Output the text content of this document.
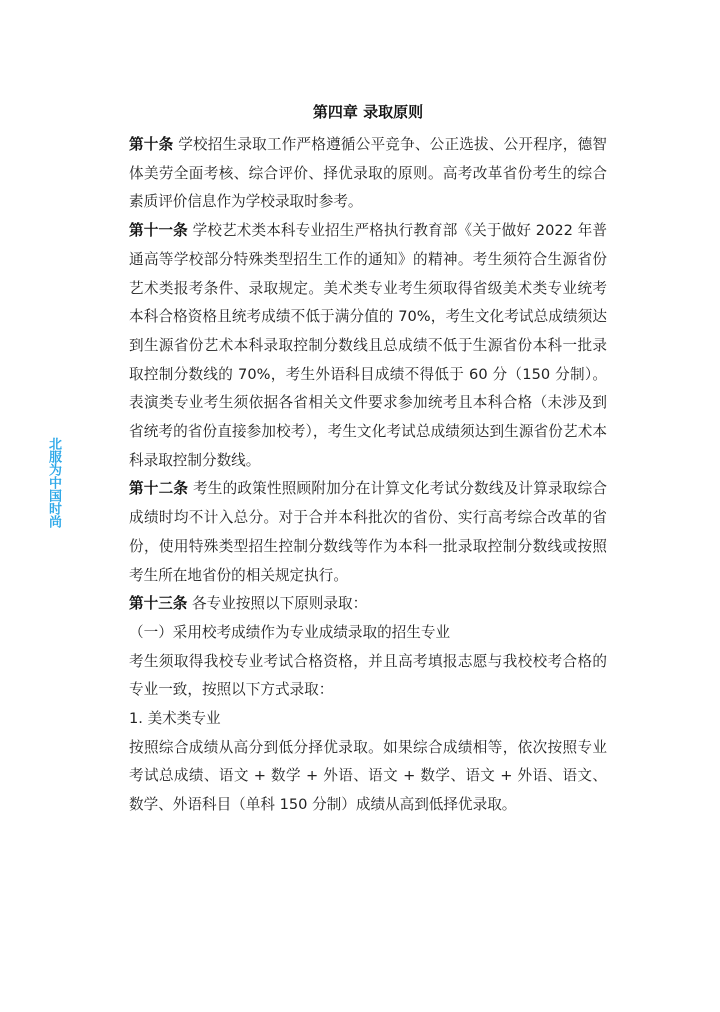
北服为中国时尚
第四章 录取原则

第十条 学校招生录取工作严格遵循公平竞争、公正选拔、公开程序，德智体美劳全面考核、综合评价、择优录取的原则。高考改革省份考生的综合素质评价信息作为学校录取时参考。

第十一条 学校艺术类本科专业招生严格执行教育部《关于做好 2022 年普通高等学校部分特殊类型招生工作的通知》的精神。考生须符合生源省份艺术类报考条件、录取规定。美术类专业考生须取得省级美术类专业统考本科合格资格且统考成绩不低于满分值的 70%，考生文化考试总成绩须达到生源省份艺术本科录取控制分数线且总成绩不低于生源省份本科一批录取控制分数线的 70%，考生外语科目成绩不得低于 60 分（150 分制）。表演类专业考生须依据各省相关文件要求参加统考且本科合格（未涉及到省统考的省份直接参加校考），考生文化考试总成绩须达到生源省份艺术本科录取控制分数线。

第十二条 考生的政策性照顾附加分在计算文化考试分数线及计算录取综合成绩时均不计入总分。对于合并本科批次的省份、实行高考综合改革的省份，使用特殊类型招生控制分数线等作为本科一批录取控制分数线或按照考生所在地省份的相关规定执行。

第十三条 各专业按照以下原则录取：

（一）采用校考成绩作为专业成绩录取的招生专业

考生须取得我校专业考试合格资格，并且高考填报志愿与我校校考合格的专业一致，按照以下方式录取：

1. 美术类专业

按照综合成绩从高分到低分择优录取。如果综合成绩相等，依次按照专业考试总成绩、语文 + 数学 + 外语、语文 + 数学、语文 + 外语、语文、数学、外语科目（单科 150 分制）成绩从高到低择优录取。
